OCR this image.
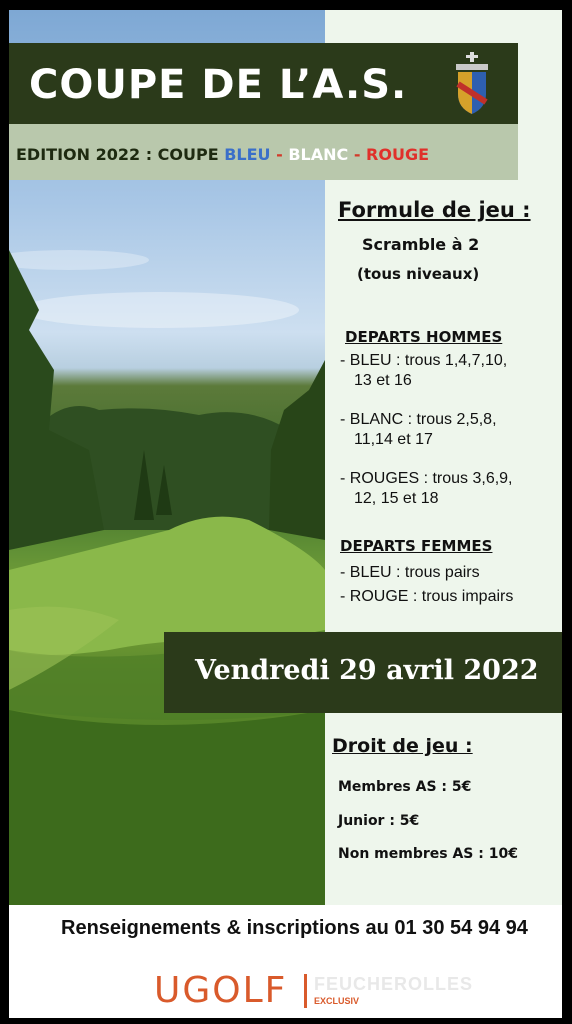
COUPE DE L’A.S.
EDITION 2022 : COUPE BLEU - BLANC - ROUGE
Formule de jeu :
Scramble à 2
(tous niveaux)
DEPARTS HOMMES
- BLEU : trous 1,4,7,10,
13 et 16
- BLANC : trous 2,5,8,
11,14 et 17
- ROUGES : trous 3,6,9,
12, 15 et 18
DEPARTS FEMMES
- BLEU : trous pairs
- ROUGE : trous impairs
Vendredi 29 avril 2022
Droit de jeu :
Membres AS : 5€
Junior : 5€
Non membres AS : 10€
Renseignements & inscriptions au 01 30 54 94 94
UGOLF FEUCHEROLLES
EXCLUSIV
